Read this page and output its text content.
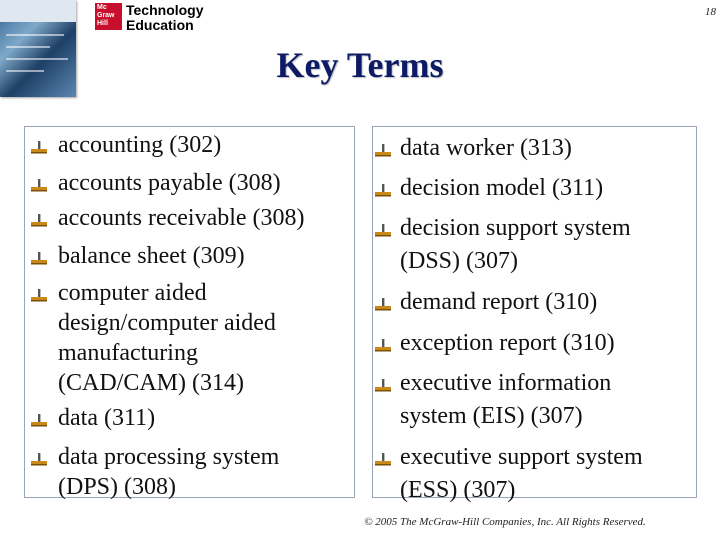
Mc
Graw
Hill
Technology
Education
18
Key Terms
accounting (302)
accounts payable (308)
accounts receivable (308)
balance sheet (309)
computer aided
design/computer aided
manufacturing
(CAD/CAM) (314)
data (311)
data processing system
(DPS) (308)
data worker (313)
decision model (311)
decision support system
(DSS) (307)
demand report (310)
exception report (310)
executive information
system (EIS) (307)
executive support system
(ESS) (307)
© 2005 The McGraw-Hill Companies, Inc. All Rights Reserved.
